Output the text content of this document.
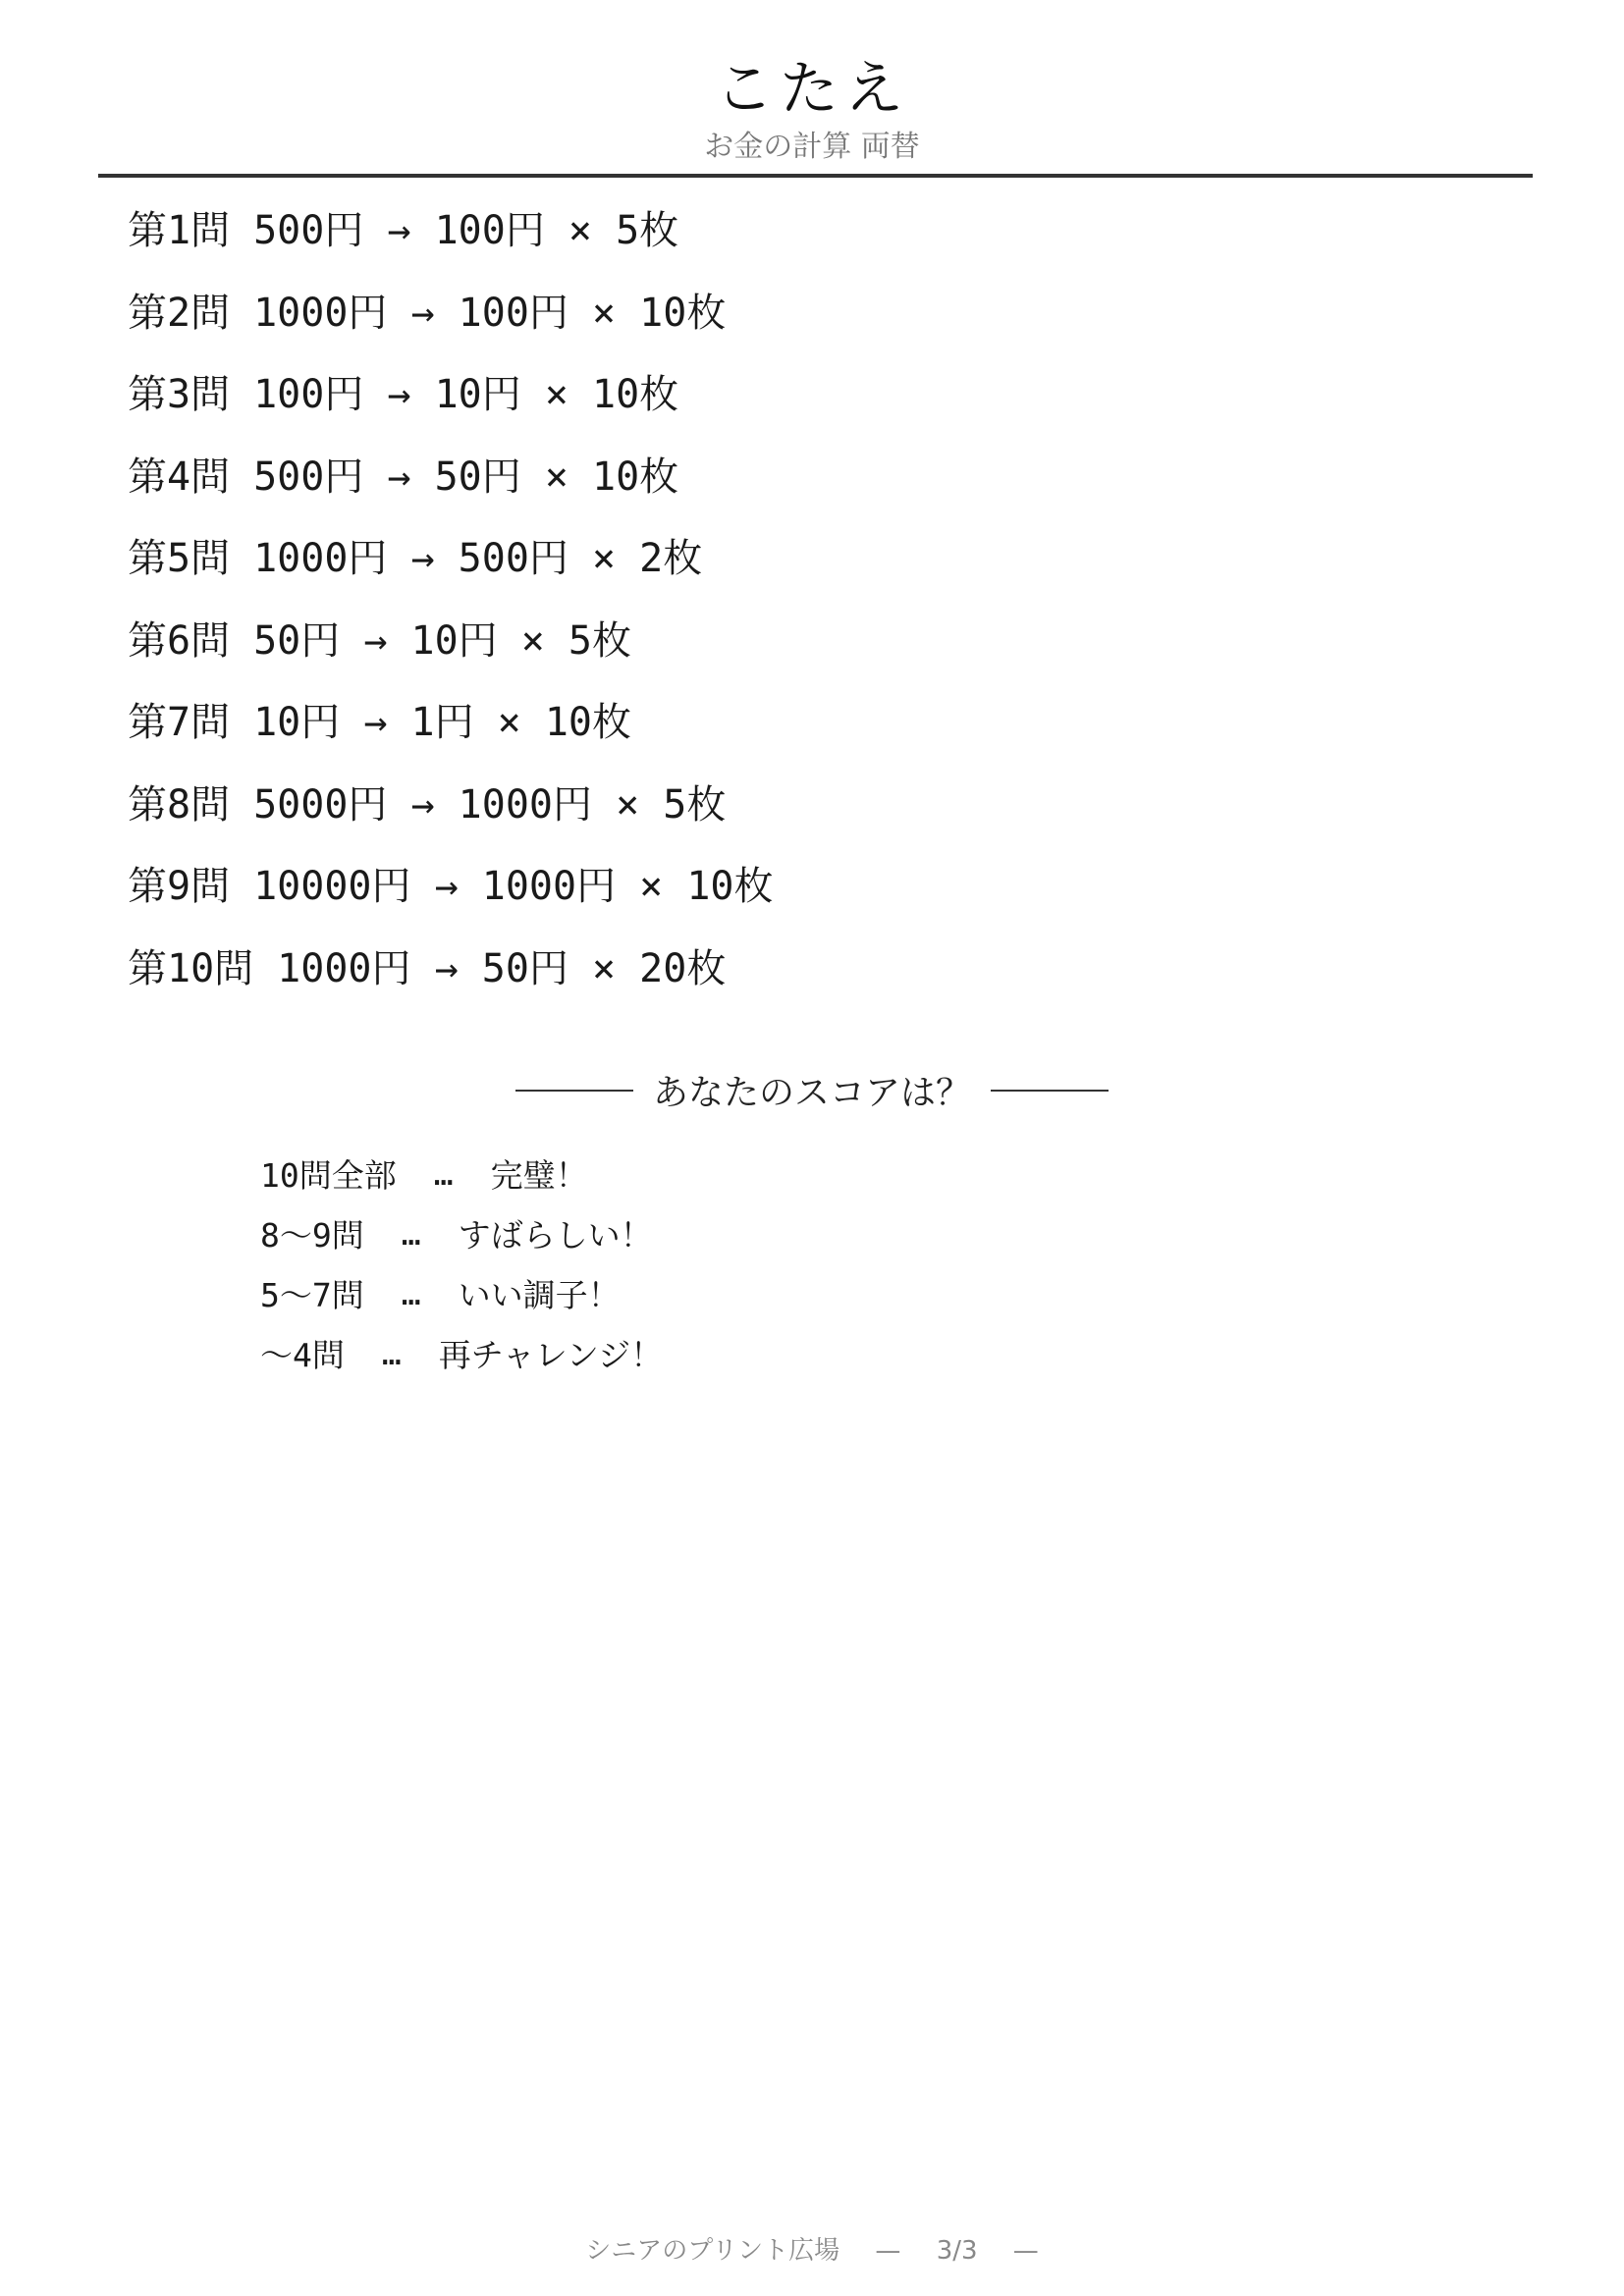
こたえ

お金の計算 両替

第1問 500円 → 100円 × 5枚
第2問 1000円 → 100円 × 10枚
第3問 100円 → 10円 × 10枚
第4問 500円 → 50円 × 10枚
第5問 1000円 → 500円 × 2枚
第6問 50円 → 10円 × 5枚
第7問 10円 → 1円 × 10枚
第8問 5000円 → 1000円 × 5枚
第9問 10000円 → 1000円 × 10枚
第10問 1000円 → 50円 × 20枚
あなたのスコアは？
10問全部 … 完璧！
8〜9問 … すばらしい！
5〜7問 … いい調子！
〜4問 … 再チャレンジ！
シニアのプリント広場 — 3/3 —
